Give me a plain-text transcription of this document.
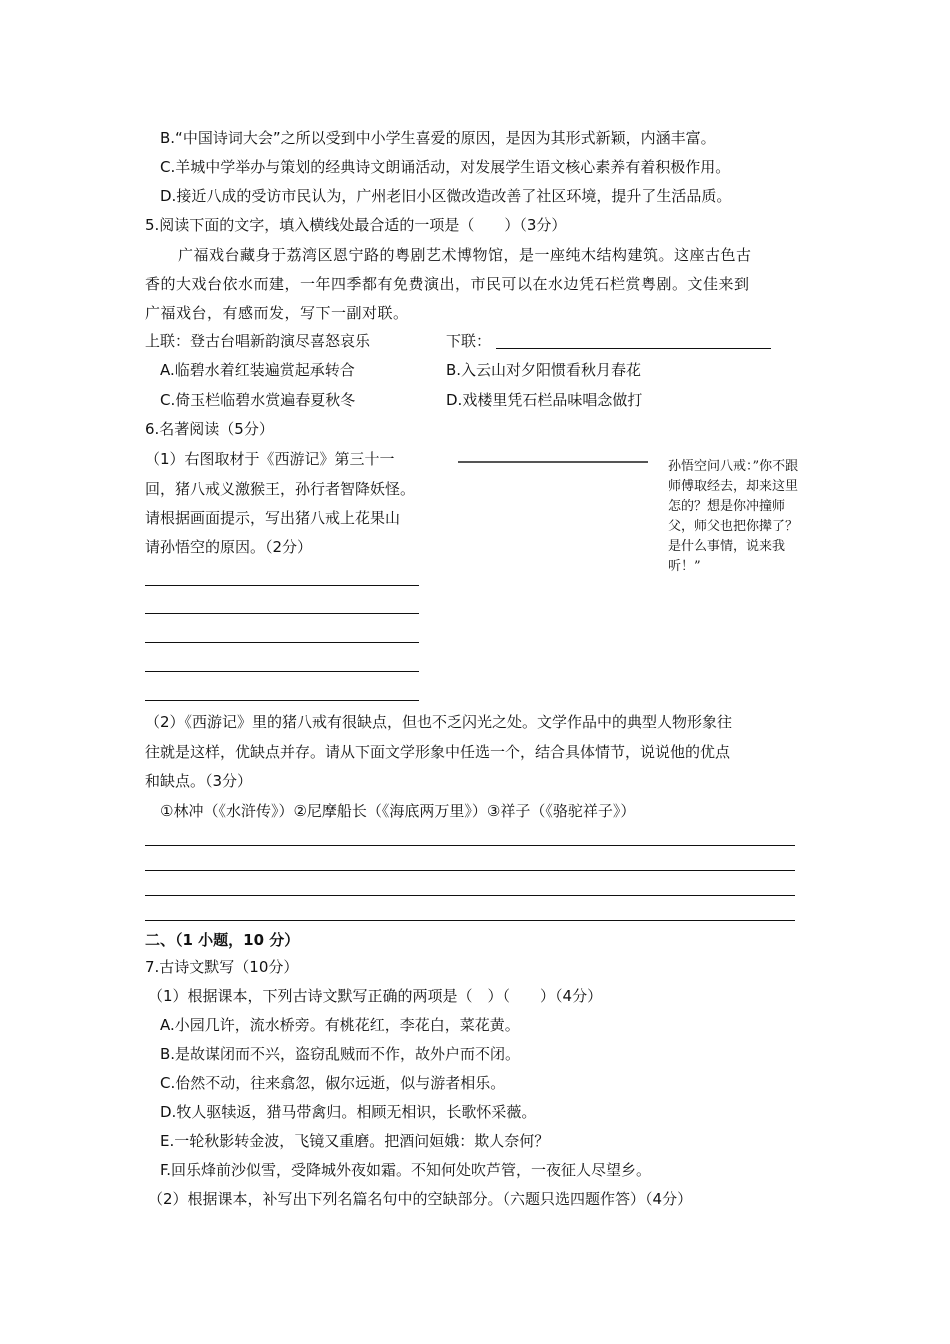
B.“中国诗词大会”之所以受到中小学生喜爱的原因，是因为其形式新颖，内涵丰富。
C.羊城中学举办与策划的经典诗文朗诵活动，对发展学生语文核心素养有着积极作用。
D.接近八成的受访市民认为，广州老旧小区微改造改善了社区环境，提升了生活品质。
5.阅读下面的文字，填入横线处最合适的一项是（　　）（3分）
广福戏台藏身于荔湾区恩宁路的粤剧艺术博物馆，是一座纯木结构建筑。这座古色古
香的大戏台依水而建，一年四季都有免费演出，市民可以在水边凭石栏赏粤剧。文佳来到
广福戏台，有感而发，写下一副对联。
上联：登古台唱新韵演尽喜怒哀乐	下联：
A.临碧水着红装遍赏起承转合	B.入云山对夕阳惯看秋月春花
C.倚玉栏临碧水赏遍春夏秋冬	D.戏楼里凭石栏品味唱念做打
6.名著阅读（5分）
（1）右图取材于《西游记》第三十一
回，猪八戒义激猴王，孙行者智降妖怪。
请根据画面提示，写出猪八戒上花果山
请孙悟空的原因。（2分）
孙悟空问八戒：”你不跟师傅取经去，却来这里怎的？想是你冲撞师父，师父也把你撵了？是什么事情，说来我听！”
（2）《西游记》里的猪八戒有很缺点，但也不乏闪光之处。文学作品中的典型人物形象往
往就是这样，优缺点并存。请从下面文学形象中任选一个，结合具体情节，说说他的优点
和缺点。（3分）
①林冲（《水浒传》）②尼摩船长（《海底两万里》）③祥子（《骆驼祥子》）
二、（1 小题，10 分）
7.古诗文默写（10分）
（1）根据课本，下列古诗文默写正确的两项是（　）（　　）（4分）
A.小园几许，流水桥旁。有桃花红，李花白，菜花黄。
B.是故谋闭而不兴，盗窃乱贼而不作，故外户而不闭。
C.佁然不动，往来翕忽，俶尔远逝，似与游者相乐。
D.牧人驱犊返，猎马带禽归。相顾无相识，长歌怀采薇。
E.一轮秋影转金波，飞镜又重磨。把酒问姮娥：欺人奈何？
F.回乐烽前沙似雪，受降城外夜如霜。不知何处吹芦管，一夜征人尽望乡。
（2）根据课本，补写出下列名篇名句中的空缺部分。（六题只选四题作答）（4分）
